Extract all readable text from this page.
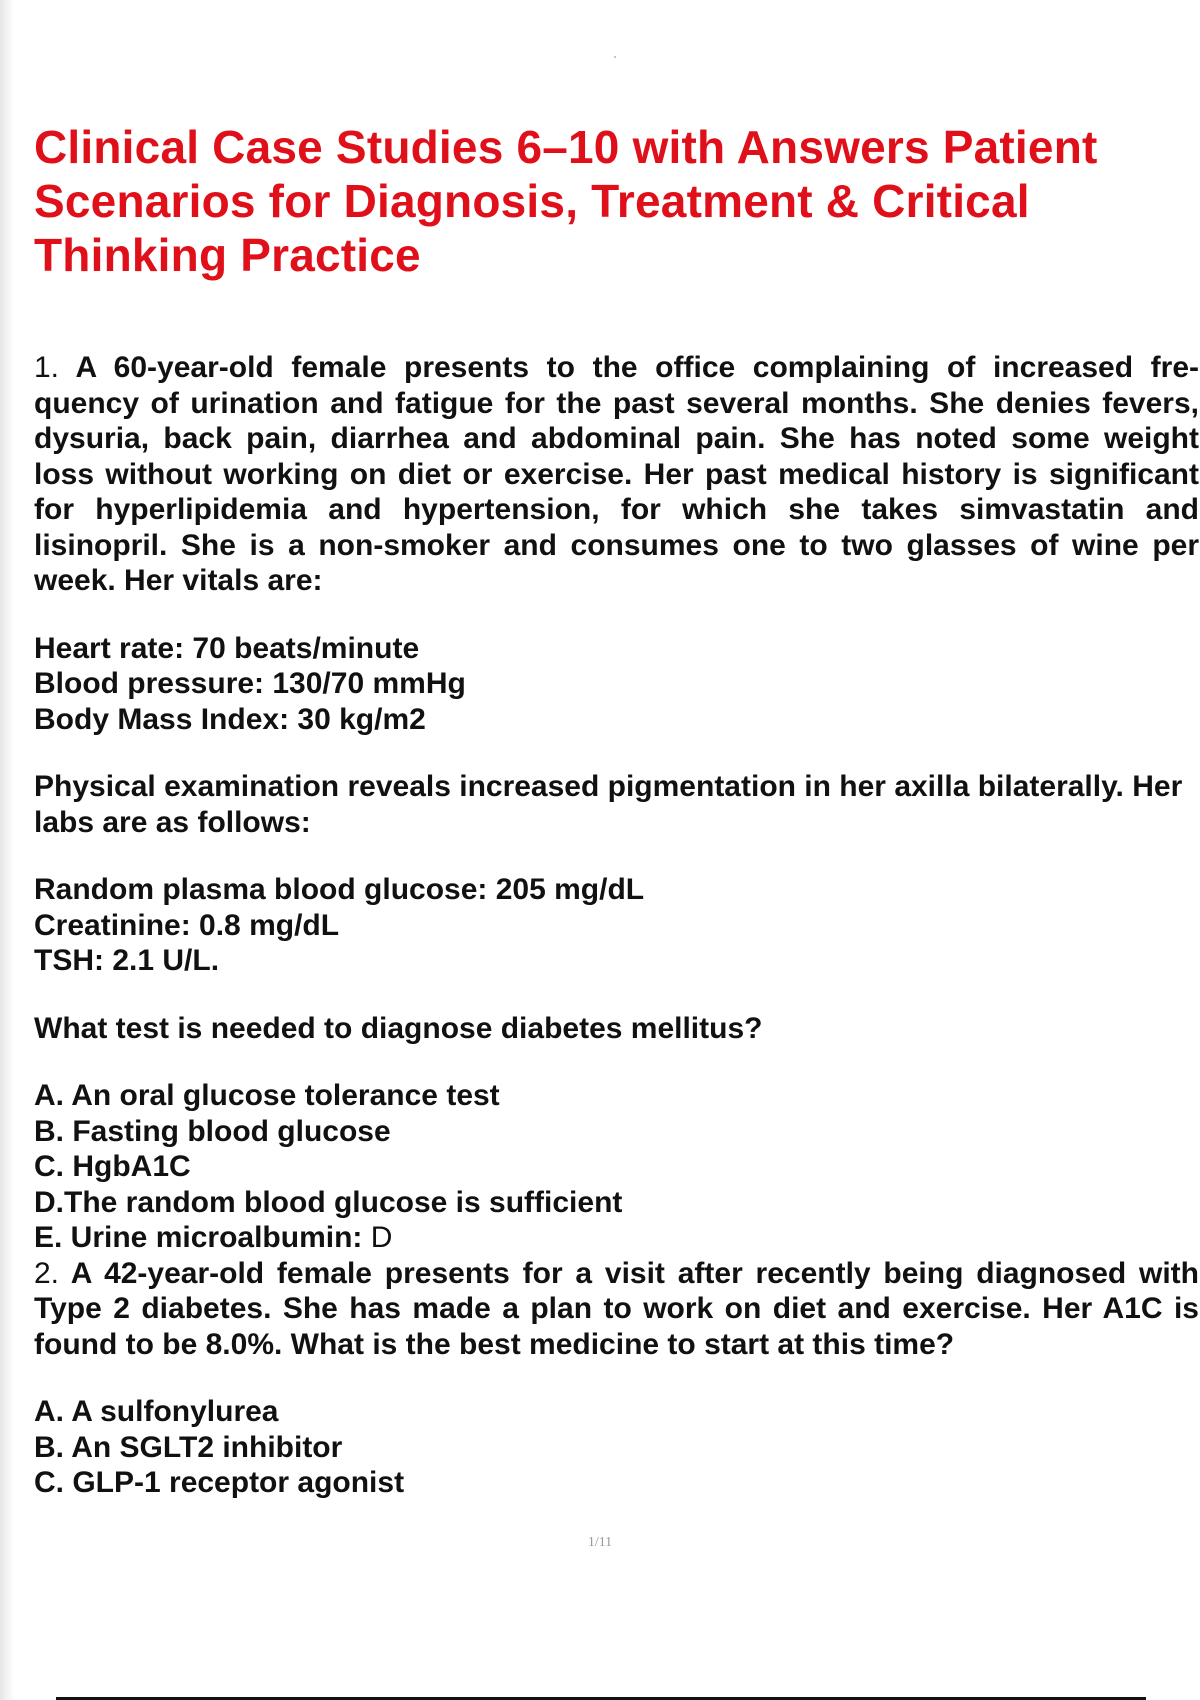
Clinical Case Studies 6–10 with Answers Patient Scenarios for Diagnosis, Treatment & Critical Thinking Practice

1. A 60-year-old female presents to the office complaining of increased fre-quency of urination and fatigue for the past several months. She denies fevers, dysuria, back pain, diarrhea and abdominal pain. She has noted some weight loss without working on diet or exercise. Her past medical history is significant for hyperlipidemia and hypertension, for which she takes simvastatin and lisinopril. She is a non-smoker and consumes one to two glasses of wine per week. Her vitals are:

Heart rate: 70 beats/minute
Blood pressure: 130/70 mmHg
Body Mass Index: 30 kg/m2

Physical examination reveals increased pigmentation in her axilla bilaterally. Her labs are as follows:

Random plasma blood glucose: 205 mg/dL
Creatinine: 0.8 mg/dL
TSH: 2.1 U/L.

What test is needed to diagnose diabetes mellitus?

A. An oral glucose tolerance test
B. Fasting blood glucose
C. HgbA1C
D.The random blood glucose is sufficient
E. Urine microalbumin: D

2. A 42-year-old female presents for a visit after recently being diagnosed with Type 2 diabetes. She has made a plan to work on diet and exercise. Her A1C is found to be 8.0%. What is the best medicine to start at this time?

A. A sulfonylurea
B. An SGLT2 inhibitor
C. GLP-1 receptor agonist

1/11
